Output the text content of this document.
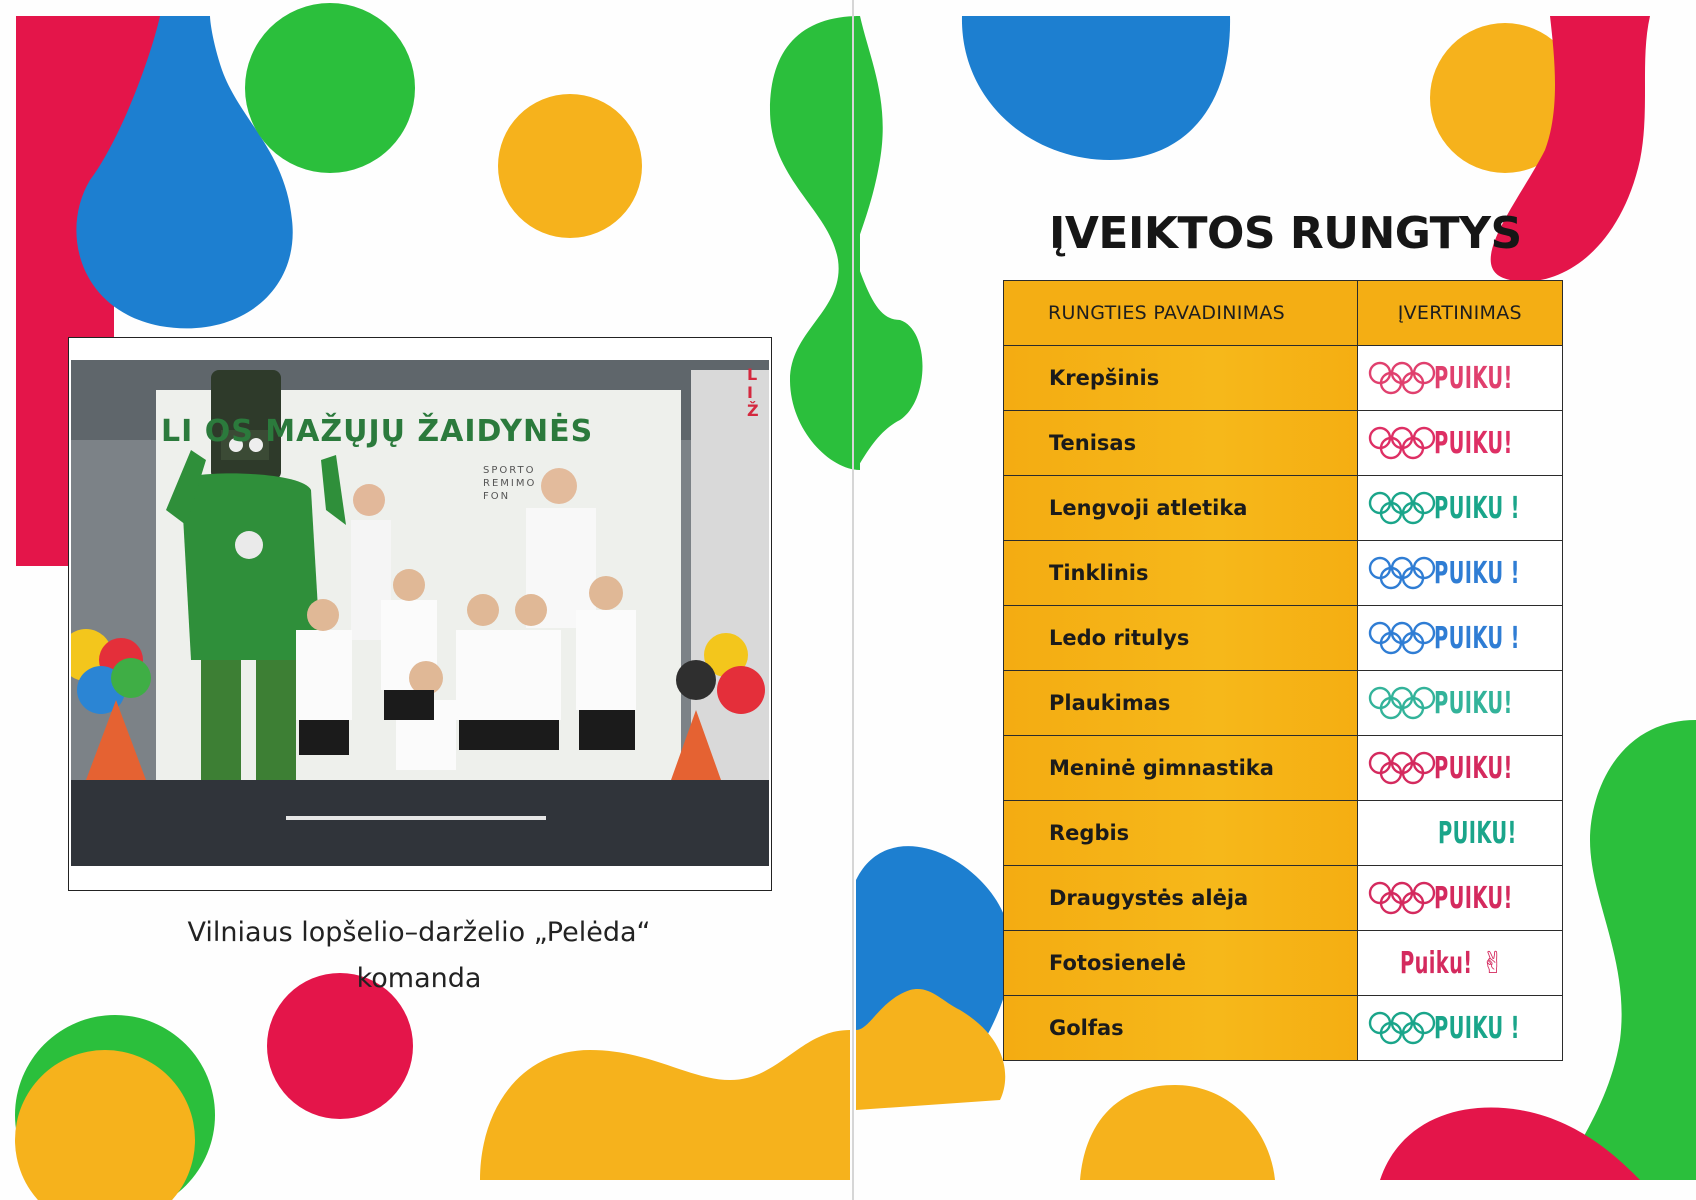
LI OS MAŽŲJŲ ŽAIDYNĖS
SPORTO
REMIMO
FON
L
I
Ž
Vilniaus lopšelio–darželio „Pelėda“
komanda
ĮVEIKTOS RUNGTYS
RUNGTIES PAVADINIMAS	ĮVERTINIMAS
Krepšinis	PUIKU!

Tenisas	PUIKU!

Lengvoji atletika	PUIKU !

Tinklinis	PUIKU !

Ledo ritulys	PUIKU !

Plaukimas	PUIKU!

Meninė gimnastika	PUIKU!

Regbis	PUIKU!

Draugystės alėja	PUIKU!

Fotosienelė	Puiku! ✌

Golfas	PUIKU !
